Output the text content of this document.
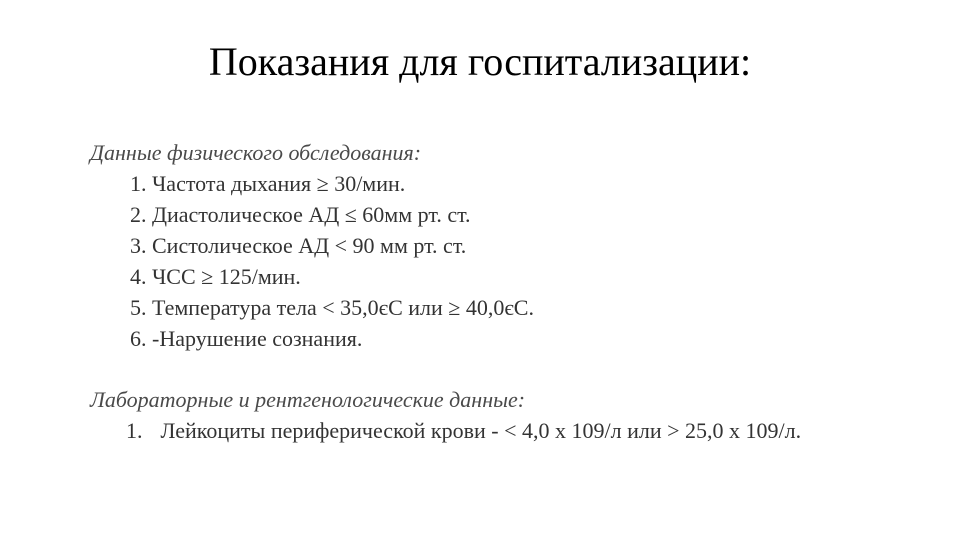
Показания для госпитализации:
Данные физического обследования:
1. Частота дыхания ≥ 30/мин.
2. Диастолическое АД ≤ 60мм рт. ст.
3. Систолическое АД < 90 мм рт. ст.
4. ЧСС ≥ 125/мин.
5. Температура тела < 35,0єС или ≥ 40,0єС.
6. -Нарушение сознания.
Лабораторные и рентгенологические данные:
1. Лейкоциты периферической крови - < 4,0 х 109/л или > 25,0 х 109/л.
